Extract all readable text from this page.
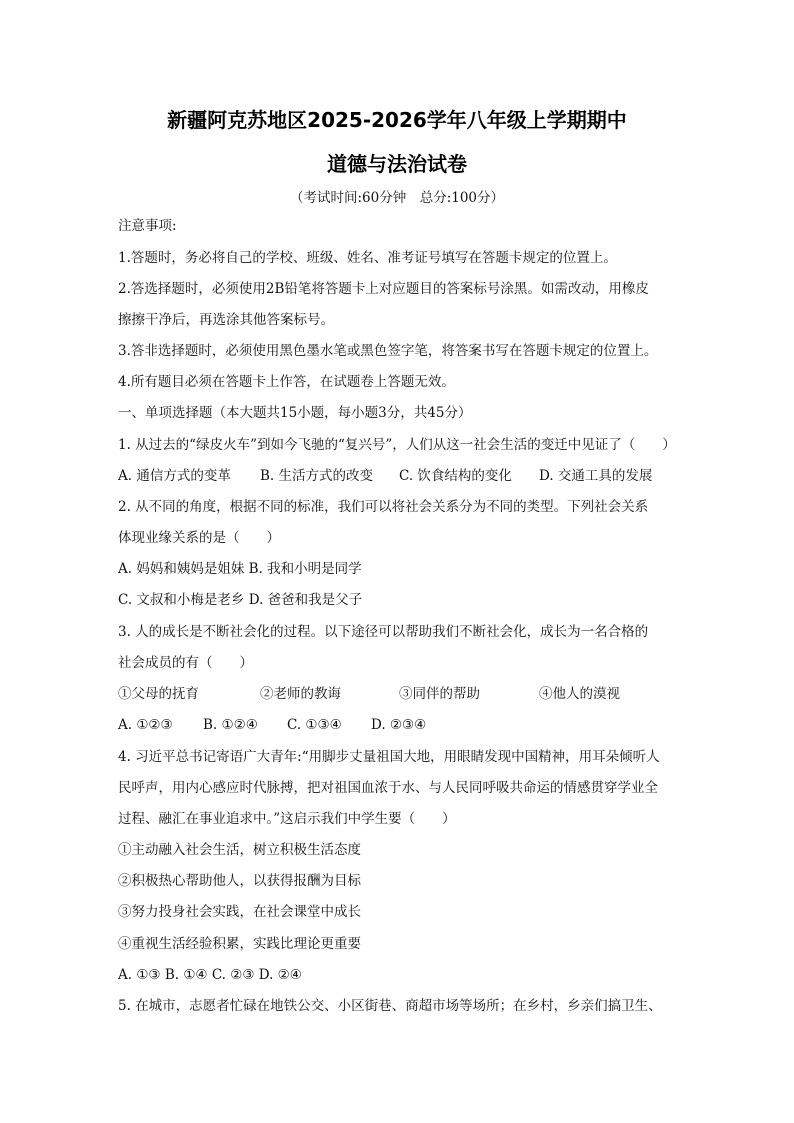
新疆阿克苏地区2025-2026学年八年级上学期期中
道德与法治试卷
（考试时间:60分钟　总分:100分）
注意事项:
1.答题时，务必将自己的学校、班级、姓名、准考证号填写在答题卡规定的位置上。
2.答选择题时，必须使用2B铅笔将答题卡上对应题目的答案标号涂黑。如需改动，用橡皮
擦擦干净后，再选涂其他答案标号。
3.答非选择题时，必须使用黑色墨水笔或黑色签字笔，将答案书写在答题卡规定的位置上。
4.所有题目必须在答题卡上作答，在试题卷上答题无效。
一、单项选择题（本大题共15小题，每小题3分，共45分）
1. 从过去的“绿皮火车”到如今飞驰的“复兴号”，人们从这一社会生活的变迁中见证了（　　）
A. 通信方式的变革 B. 生活方式的改变 C. 饮食结构的变化 D. 交通工具的发展
2. 从不同的角度，根据不同的标准，我们可以将社会关系分为不同的类型。下列社会关系
体现业缘关系的是（　　）
A. 妈妈和姨妈是姐妹 B. 我和小明是同学
C. 文叔和小梅是老乡 D. 爸爸和我是父子
3. 人的成长是不断社会化的过程。以下途径可以帮助我们不断社会化，成长为一名合格的
社会成员的有（　　）
①父母的抚育	②老师的教诲	③同伴的帮助	④他人的漠视
A. ①②③ B. ①②④ C. ①③④ D. ②③④
4. 习近平总书记寄语广大青年:“用脚步丈量祖国大地，用眼睛发现中国精神，用耳朵倾听人
民呼声，用内心感应时代脉搏，把对祖国血浓于水、与人民同呼吸共命运的情感贯穿学业全
过程、融汇在事业追求中。”这启示我们中学生要（　　）
①主动融入社会生活，树立积极生活态度
②积极热心帮助他人，以获得报酬为目标
③努力投身社会实践，在社会课堂中成长
④重视生活经验积累，实践比理论更重要
A. ①③ B. ①④ C. ②③ D. ②④
5. 在城市，志愿者忙碌在地铁公交、小区街巷、商超市场等场所；在乡村，乡亲们搞卫生、
